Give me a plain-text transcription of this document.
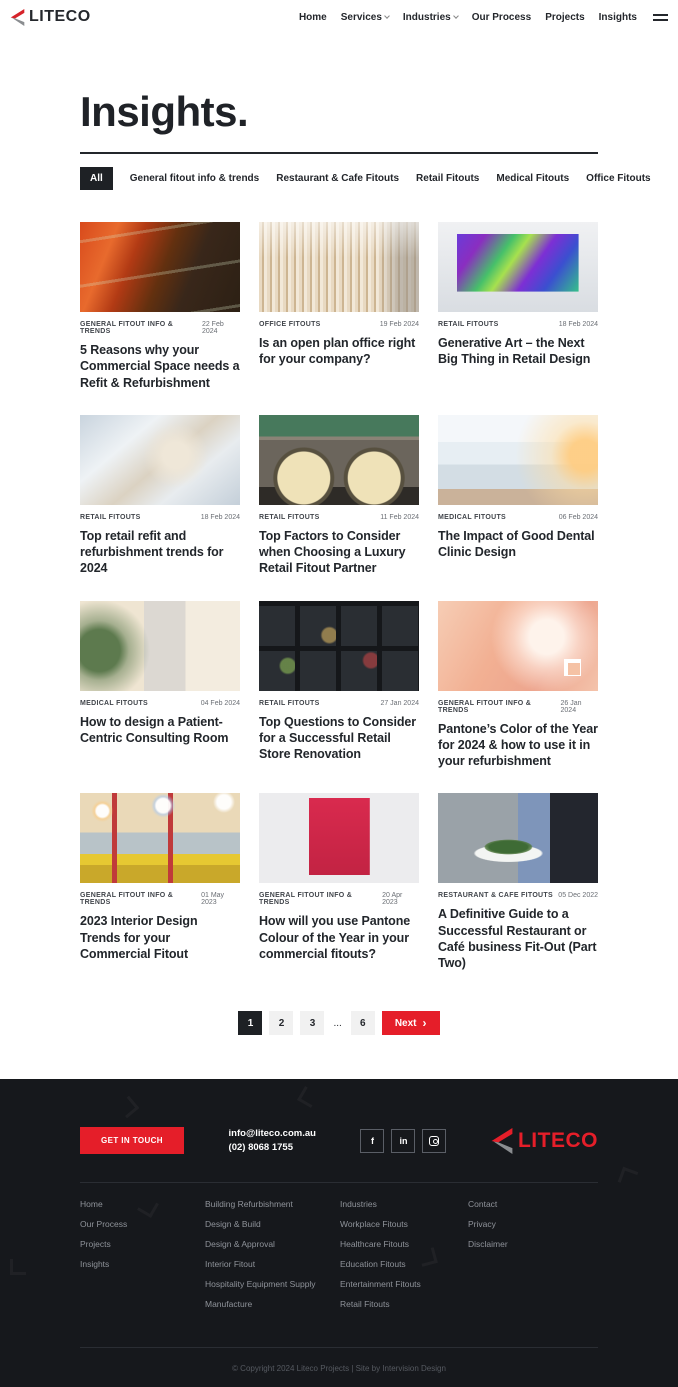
LITECO	Home Services Industries Our Process Projects Insights
Insights.
All	General fitout info & trends Restaurant & Cafe Fitouts Retail Fitouts Medical Fitouts Office Fitouts
GENERAL FITOUT INFO & TRENDS
22 Feb 2024
5 Reasons why your Commercial Space needs a Refit & Refurbishment
OFFICE FITOUTS	19 Feb 2024
Is an open plan office right for your company?
RETAIL FITOUTS	18 Feb 2024
Generative Art – the Next Big Thing in Retail Design
RETAIL FITOUTS	18 Feb 2024
Top retail refit and refurbishment trends for 2024
RETAIL FITOUTS	11 Feb 2024
Top Factors to Consider when Choosing a Luxury Retail Fitout Partner
MEDICAL FITOUTS	06 Feb 2024
The Impact of Good Dental Clinic Design
MEDICAL FITOUTS	04 Feb 2024
How to design a Patient-Centric Consulting Room
RETAIL FITOUTS	27 Jan 2024
Top Questions to Consider for a Successful Retail Store Renovation
GENERAL FITOUT INFO & TRENDS
26 Jan 2024
Pantone’s Color of the Year for 2024 & how to use it in your refurbishment
GENERAL FITOUT INFO & TRENDS
01 May 2023
2023 Interior Design Trends for your Commercial Fitout
GENERAL FITOUT INFO & TRENDS
20 Apr 2023
How will you use Pantone Colour of the Year in your commercial fitouts?
RESTAURANT & CAFE FITOUTS 05 Dec 2022
A Definitive Guide to a Successful Restaurant or Café business Fit-Out (Part Two)
1	2	3	...	6	Next ›
GET IN TOUCH
info@liteco.com.au
(02) 8068 1755
f	in	LITECO
Home
Our Process
Projects
Insights
Building Refurbishment
Design & Build
Design & Approval
Interior Fitout
Hospitality Equipment Supply
Manufacture
Industries
Workplace Fitouts
Healthcare Fitouts
Education Fitouts
Entertainment Fitouts
Retail Fitouts
Contact
Privacy
Disclaimer
© Copyright 2024 Liteco Projects | Site by Intervision Design
